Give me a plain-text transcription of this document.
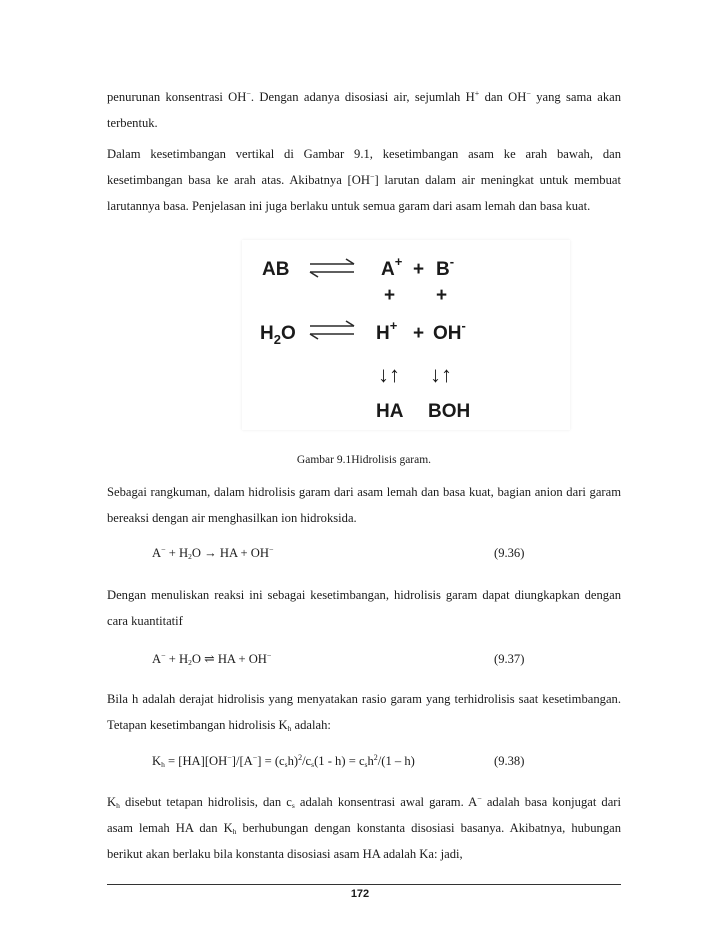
penurunan konsentrasi OH−. Dengan adanya disosiasi air, sejumlah H+ dan OH− yang sama akan terbentuk.

Dalam kesetimbangan vertikal di Gambar 9.1, kesetimbangan asam ke arah bawah, dan kesetimbangan basa ke arah atas. Akibatnya [OH−] larutan dalam air meningkat untuk membuat larutannya basa. Penjelasan ini juga berlaku untuk semua garam dari asam lemah dan basa kuat.

AB	A+ + B-
+ +
$H_2O$	H+ + OH-
↓↑ ↓↑
HA BOH
Gambar 9.1Hidrolisis garam.

Sebagai rangkuman, dalam hidrolisis garam dari asam lemah dan basa kuat, bagian anion dari garam bereaksi dengan air menghasilkan ion hidroksida.

$A^- + H_2O$ → HA + OH−	(9.36)

Dengan menuliskan reaksi ini sebagai kesetimbangan, hidrolisis garam dapat diungkapkan dengan cara kuantitatif

$A^- + H_2O$ ⇌ HA + OH−	(9.37)

Bila h adalah derajat hidrolisis yang menyatakan rasio garam yang terhidrolisis saat kesetimbangan. Tetapan kesetimbangan hidrolisis $K_h$ adalah:

$K_h = [HA][OH^-]/[A^-] = (c_sh)^2/c_s(1 - h) = c_sh^2/(1 - h)$	(9.38)

$K_h$ disebut tetapan hidrolisis, dan $c_s$ adalah konsentrasi awal garam. A− adalah basa konjugat dari asam lemah HA dan $K_h$ berhubungan dengan konstanta disosiasi basanya. Akibatnya, hubungan berikut akan berlaku bila konstanta disosiasi asam HA adalah Ka: jadi,

172
